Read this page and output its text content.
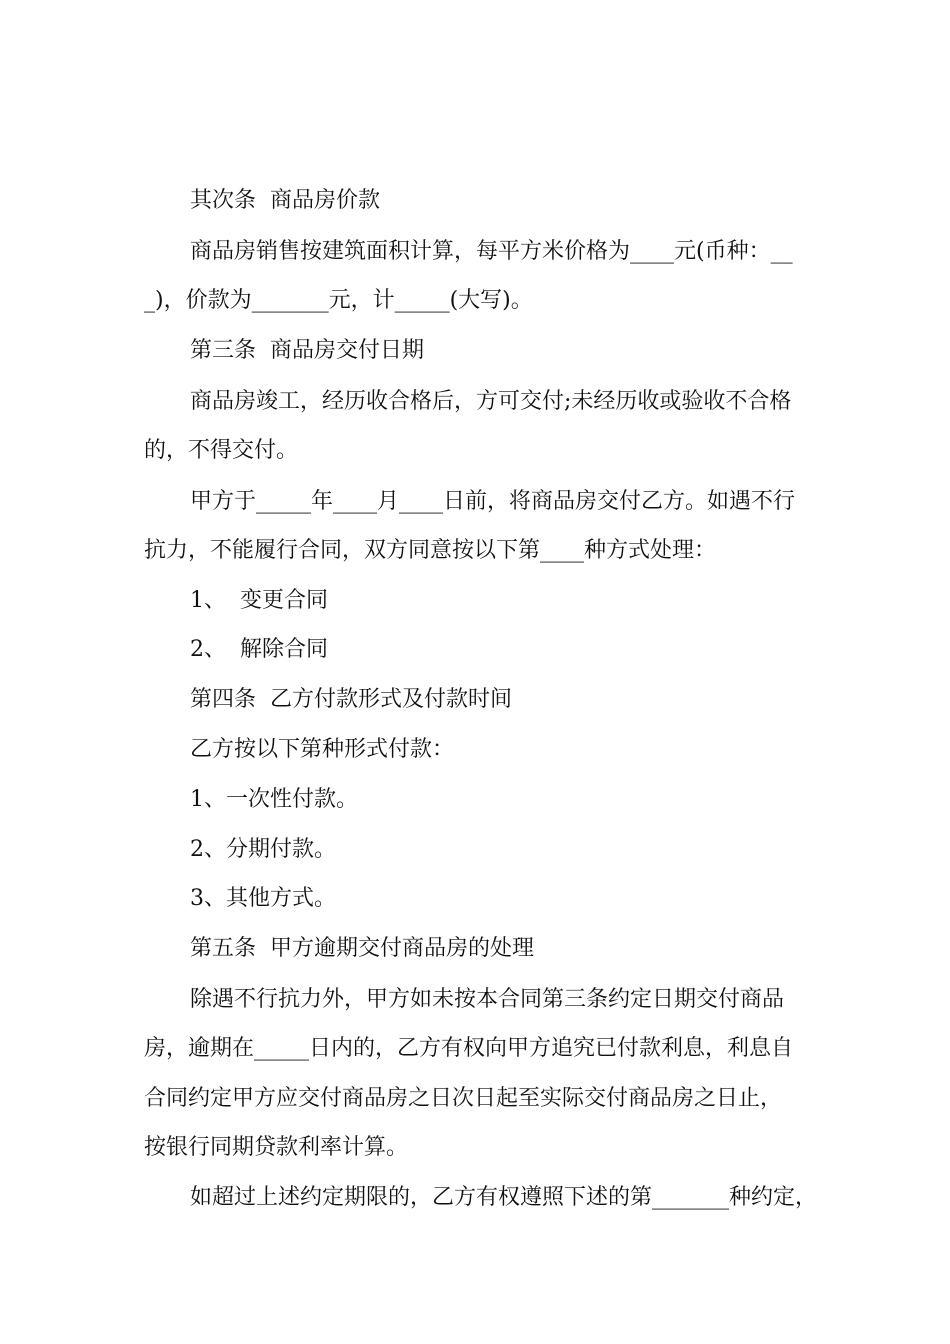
其次条  商品房价款

商品房销售按建筑面积计算，每平方米价格为____元(币种：__

_)，价款为_______元，计_____(大写)。

第三条  商品房交付日期

商品房竣工，经历收合格后，方可交付;未经历收或验收不合格

的，不得交付。

甲方于_____年____月____日前，将商品房交付乙方。如遇不行

抗力，不能履行合同，双方同意按以下第____种方式处理：

1、  变更合同

2、  解除合同

第四条  乙方付款形式及付款时间

乙方按以下第种形式付款：

1、一次性付款。

2、分期付款。

3、其他方式。

第五条  甲方逾期交付商品房的处理

除遇不行抗力外，甲方如未按本合同第三条约定日期交付商品

房，逾期在_____日内的，乙方有权向甲方追究已付款利息，利息自

合同约定甲方应交付商品房之日次日起至实际交付商品房之日止，

按银行同期贷款利率计算。

如超过上述约定期限的，乙方有权遵照下述的第_______种约定，
